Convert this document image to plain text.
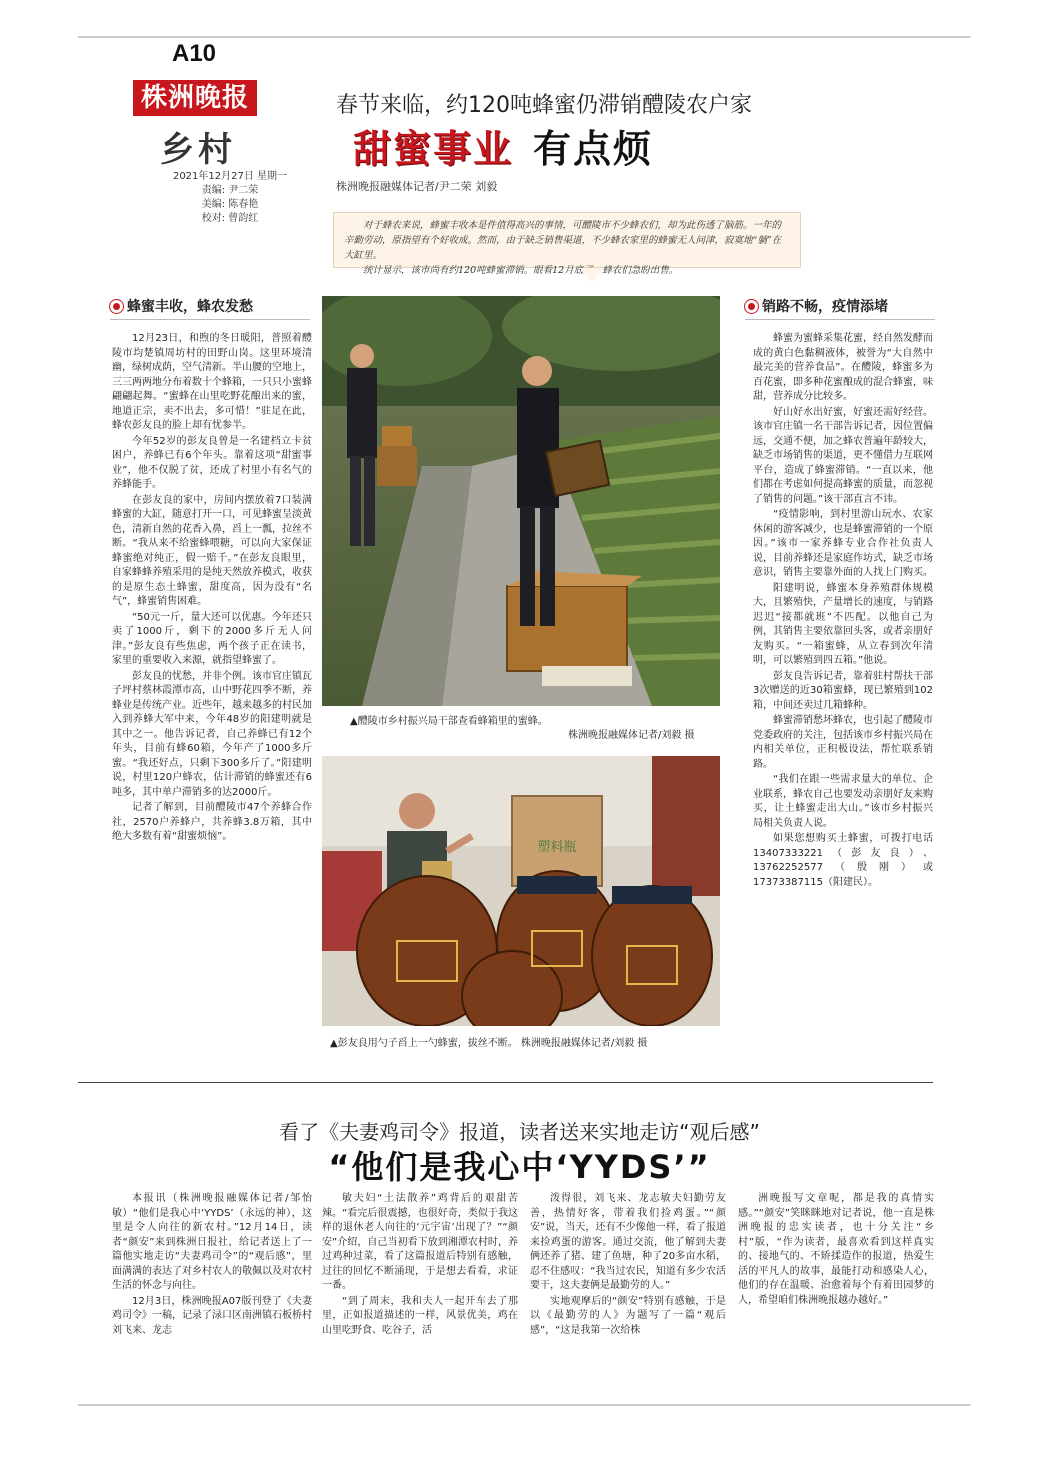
A10
株洲晚报
乡村
2021年12月27日 星期一
责编: 尹二荣
美编: 陈春艳
校对: 曾韵红
春节来临，约120吨蜂蜜仍滞销醴陵农户家
甜蜜事业 有点烦
株洲晚报融媒体记者/尹二荣 刘毅

对于蜂农来说，蜂蜜丰收本是件值得高兴的事情，可醴陵市不少蜂农们，却为此伤透了脑筋。一年的辛勤劳动，原指望有个好收成。然而，由于缺乏销售渠道，不少蜂农家里的蜂蜜无人问津，寂寞地“躺”在大缸里。

统计显示，该市尚有约120吨蜂蜜滞销。眼看12月底了，蜂农们急盼出售。

蜂蜜丰收，蜂农发愁	销路不畅，疫情添堵

12月23日，和煦的冬日暖阳，普照着醴陵市均楚镇周坊村的田野山岗。这里环境清幽，绿树成荫，空气清新。半山腰的空地上，三三两两地分布着数十个蜂箱，一只只小蜜蜂翩翩起舞。“蜜蜂在山里吃野花酿出来的蜜，地道正宗，卖不出去，多可惜！”驻足在此，蜂农彭友良的脸上却有忧参半。

今年52岁的彭友良曾是一名建档立卡贫困户，养蜂已有6个年头。靠着这项“甜蜜事业”，他不仅脱了贫，还成了村里小有名气的养蜂能手。

在彭友良的家中，房间内摆放着7口装满蜂蜜的大缸，随意打开一口，可见蜂蜜呈淡黄色，清新自然的花香入鼻，舀上一瓢，拉丝不断。“我从来不给蜜蜂喂糖，可以向大家保证蜂蜜绝对纯正，假一赔千。”在彭友良眼里，自家蜂蜂养殖采用的是纯天然放养模式，收获的是原生态土蜂蜜，甜度高，因为没有“名气”，蜂蜜销售困难。

“50元一斤，量大还可以优惠。今年还只卖了1000斤，剩下的2000多斤无人问津。”彭友良有些焦虑，两个孩子正在读书，家里的重要收入来源，就指望蜂蜜了。

彭友良的忧愁，并非个例。该市官庄镇瓦子坪村蔡林霞潭市高，山中野花四季不断，养蜂业是传统产业。近些年，越来越多的村民加入到养蜂大军中来，今年48岁的阳建明就是其中之一。他告诉记者，自己养蜂已有12个年头，目前有蜂60箱，今年产了1000多斤蜜。“我还好点，只剩下300多斤了。”阳建明说，村里120户蜂农，估计滞销的蜂蜜还有6吨多，其中单户滞销多的达2000斤。

记者了解到，目前醴陵市47个养蜂合作社，2570户养蜂户，共养蜂3.8万箱，其中绝大多数有着“甜蜜烦恼”。

蜂蜜为蜜蜂采集花蜜，经自然发酵而成的黄白色黏稠液体，被誉为“大自然中最完美的营养食品”。在醴陵，蜂蜜多为百花蜜，即多种花蜜酿成的混合蜂蜜，味甜，营养成分比较多。

好山好水出好蜜，好蜜还需好经营。该市官庄镇一名干部告诉记者，因位置偏远，交通不便，加之蜂农普遍年龄较大，缺乏市场销售的渠道，更不懂借力互联网平台，造成了蜂蜜滞销。“一直以来，他们都在考虑如何提高蜂蜜的质量，而忽视了销售的问题。”该干部直言不讳。

“疫情影响，到村里游山玩水、农家休闲的游客减少，也是蜂蜜滞销的一个原因。”该市一家养蜂专业合作社负责人说，目前养蜂还是家庭作坊式，缺乏市场意识，销售主要靠外面的人找上门购买。

阳建明说，蜂蜜本身养殖群体规模大，且繁殖快，产量增长的速度，与销路迟迟“接都就班”不匹配。以他自己为例，其销售主要依靠回头客，或者亲朋好友购买。“一箱蜜蜂，从立春到次年清明，可以繁殖到四五箱。”他说。

彭友良告诉记者，靠着驻村帮扶干部3次赠送的近30箱蜜蜂，现已繁殖到102箱，中间还卖过几箱蜂种。

蜂蜜滞销愁坏蜂农，也引起了醴陵市党委政府的关注，包括该市乡村振兴局在内相关单位，正积极设法，帮忙联系销路。

“我们在跟一些需求量大的单位、企业联系，蜂农自己也要发动亲朋好友来购买，让土蜂蜜走出大山。”该市乡村振兴局相关负责人说。

如果您想购买土蜂蜜，可拨打电话 13407333221（彭友良）、13762252577（殷刚）或17373387115（阳建民）。

▲醴陵市乡村振兴局干部查看蜂箱里的蜜蜂。
株洲晚报融媒体记者/刘毅 摄
塑料瓶
▲彭友良用勺子舀上一勺蜂蜜，拔丝不断。 株洲晚报融媒体记者/刘毅 摄
看了《夫妻鸡司令》报道，读者送来实地走访“观后感”
“他们是我心中‘YYDS’”

本报讯（株洲晚报融媒体记者/邹怡敏）“他们是我心中‘YYDS’（永远的神），这里是令人向往的新农村。”12月14日，读者“颜安”来到株洲日报社，给记者送上了一篇他实地走访“夫妻鸡司令”的“观后感”，里面满满的表达了对乡村农人的敬佩以及对农村生活的怀念与向往。

12月3日，株洲晚报A07版刊登了《夫妻鸡司令》一稿，记录了渌口区南洲镇石板桥村刘飞来、龙志

敏夫妇“土法散养”鸡背后的艰甜苦辣。“看完后很震撼，也很好奇，类似于我这样的退休老人向往的‘元宇宙’出现了？”“颜安”介绍，自己当初看下放到湘潭农村时，养过鸡种过菜，看了这篇报道后特别有感触，过往的回忆不断涌现，于是想去看看，求证一番。

“到了周末，我和夫人一起开车去了那里，正如报道描述的一样，风景优美，鸡在山里吃野食、吃谷子，活

泼得很，刘飞来、龙志敏夫妇勤劳友善，热情好客，带着我们捡鸡蛋。”“颜安”说，当天，还有不少像他一样，看了报道来捡鸡蛋的游客。通过交流，他了解到夫妻俩还养了猪、建了鱼塘，种了20多亩水稻，忍不住感叹：“我当过农民，知道有多少农活要干，这夫妻俩是最勤劳的人。”

实地观摩后的“颜安”特别有感触，于是以《最勤劳的人》为题写了一篇“观后感”，“这是我第一次给株

洲晚报写文章呢，都是我的真情实感。”“颜安”笑眯眯地对记者说，他一直是株洲晚报的忠实读者，也十分关注“乡村”版，“作为读者，最喜欢看到这样真实的、接地气的、不矫揉造作的报道，热爱生活的平凡人的故事，最能打动和感染人心，他们的存在温暖、治愈着每个有着田园梦的人，希望咱们株洲晚报越办越好。”
